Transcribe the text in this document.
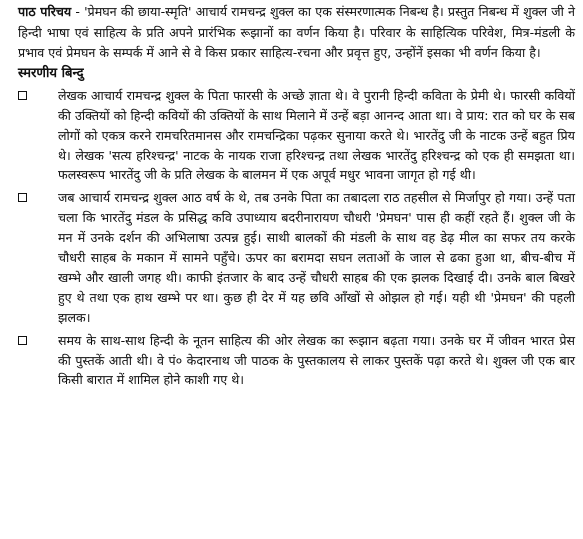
पाठ परिचय - 'प्रेमघन की छाया-स्मृति' आचार्य रामचन्द्र शुक्ल का एक संस्मरणात्मक निबन्ध है। प्रस्तुत निबन्ध में शुक्ल जी ने हिन्दी भाषा एवं साहित्य के प्रति अपने प्रारंभिक रूझानों का वर्णन किया है। परिवार के साहित्यिक परिवेश, मित्र-मंडली के प्रभाव एवं प्रेमघन के सम्पर्क में आने से वे किस प्रकार साहित्य-रचना और प्रवृत्त हुए, उन्होंनें इसका भी वर्णन किया है।

स्मरणीय बिन्दु

लेखक आचार्य रामचन्द्र शुक्ल के पिता फारसी के अच्छे ज्ञाता थे। वे पुरानी हिन्दी कविता के प्रेमी थे। फारसी कवियों की उक्तियों को हिन्दी कवियों की उक्तियों के साथ मिलाने में उन्हें बड़ा आनन्द आता था। वे प्राय: रात को घर के सब लोगों को एकत्र करने रामचरितमानस और रामचन्द्रिका पढ़कर सुनाया करते थे। भारतेंदु जी के नाटक उन्हें बहुत प्रिय थे। लेखक 'सत्य हरिश्चन्द्र' नाटक के नायक राजा हरिश्चन्द्र तथा लेखक भारतेंदु हरिश्चन्द्र को एक ही समझता था। फलस्वरूप भारतेंदु जी के प्रति लेखक के बालमन में एक अपूर्व मधुर भावना जागृत हो गई थी।

जब आचार्य रामचन्द्र शुक्ल आठ वर्ष के थे, तब उनके पिता का तबादला राठ तहसील से मिर्जापुर हो गया। उन्हें पता चला कि भारतेंदु मंडल के प्रसिद्ध कवि उपाध्याय बदरीनारायण चौधरी 'प्रेमघन' पास ही कहीं रहते हैं। शुक्ल जी के मन में उनके दर्शन की अभिलाषा उत्पन्न हुई। साथी बालकों की मंडली के साथ वह डेढ़ मील का सफर तय करके चौधरी साहब के मकान में सामने पहुँचे। ऊपर का बरामदा सघन लताओं के जाल से ढका हुआ था, बीच-बीच में खम्भे और खाली जगह थी। काफी इंतजार के बाद उन्हें चौधरी साहब की एक झलक दिखाई दी। उनके बाल बिखरे हुए थे तथा एक हाथ खम्भे पर था। कुछ ही देर में यह छवि आँखों से ओझल हो गई। यही थी 'प्रेमघन' की पहली झलक।

समय के साथ-साथ हिन्दी के नूतन साहित्य की ओर लेखक का रूझान बढ़ता गया। उनके घर में जीवन भारत प्रेस की पुस्तकें आती थी। वे पं० केदारनाथ जी पाठक के पुस्तकालय से लाकर पुस्तकें पढ़ा करते थे। शुक्ल जी एक बार किसी बारात में शामिल होने काशी गए थे।
